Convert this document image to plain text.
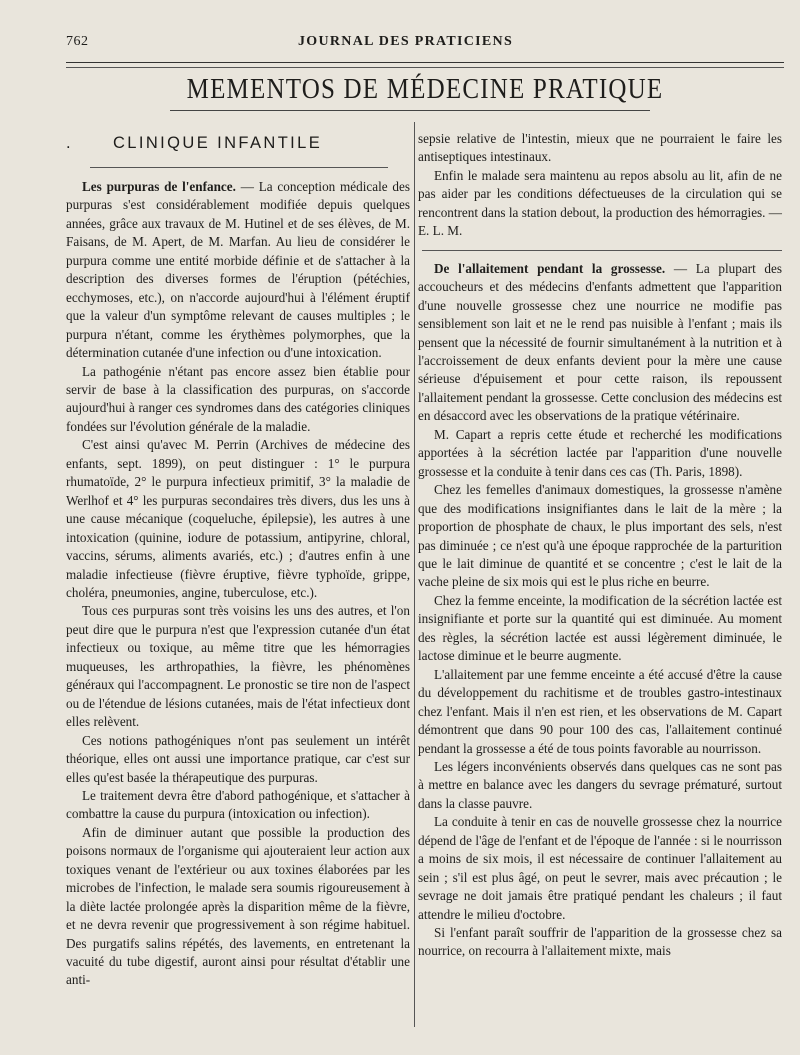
762	JOURNAL DES PRATICIENS
MEMENTOS DE MÉDECINE PRATIQUE
. CLINIQUE INFANTILE

Les purpuras de l'enfance. — La conception médicale des purpuras s'est considérablement modifiée depuis quelques années, grâce aux travaux de M. Hutinel et de ses élèves, de M. Faisans, de M. Apert, de M. Marfan. Au lieu de considérer le purpura comme une entité morbide définie et de s'attacher à la description des diverses formes de l'éruption (pétéchies, ecchymoses, etc.), on n'accorde aujourd'hui à l'élément éruptif que la valeur d'un symptôme relevant de causes multiples ; le purpura n'étant, comme les érythèmes polymorphes, que la détermination cutanée d'une infection ou d'une intoxication.

La pathogénie n'étant pas encore assez bien établie pour servir de base à la classification des purpuras, on s'accorde aujourd'hui à ranger ces syndromes dans des catégories cliniques fondées sur l'évolution générale de la maladie.

C'est ainsi qu'avec M. Perrin (Archives de médecine des enfants, sept. 1899), on peut distinguer : 1° le purpura rhumatoïde, 2° le purpura infectieux primitif, 3° la maladie de Werlhof et 4° les purpuras secondaires très divers, dus les uns à une cause mécanique (coqueluche, épilepsie), les autres à une intoxication (quinine, iodure de potassium, antipyrine, chloral, vaccins, sérums, aliments avariés, etc.) ; d'autres enfin à une maladie infectieuse (fièvre éruptive, fièvre typhoïde, grippe, choléra, pneumonies, angine, tuberculose, etc.).

Tous ces purpuras sont très voisins les uns des autres, et l'on peut dire que le purpura n'est que l'expression cutanée d'un état infectieux ou toxique, au même titre que les hémorragies muqueuses, les arthropathies, la fièvre, les phénomènes généraux qui l'accompagnent. Le pronostic se tire non de l'aspect ou de l'étendue de lésions cutanées, mais de l'état infectieux dont elles relèvent.

Ces notions pathogéniques n'ont pas seulement un intérêt théorique, elles ont aussi une importance pratique, car c'est sur elles qu'est basée la thérapeutique des purpuras.

Le traitement devra être d'abord pathogénique, et s'attacher à combattre la cause du purpura (intoxication ou infection).

Afin de diminuer autant que possible la production des poisons normaux de l'organisme qui ajouteraient leur action aux toxiques venant de l'extérieur ou aux toxines élaborées par les microbes de l'infection, le malade sera soumis rigoureusement à la diète lactée prolongée après la disparition même de la fièvre, et ne devra revenir que progressivement à son régime habituel. Des purgatifs salins répétés, des lavements, en entretenant la vacuité du tube digestif, auront ainsi pour résultat d'établir une anti-

sepsie relative de l'intestin, mieux que ne pourraient le faire les antiseptiques intestinaux.

Enfin le malade sera maintenu au repos absolu au lit, afin de ne pas aider par les conditions défectueuses de la circulation qui se rencontrent dans la station debout, la production des hémorragies. — E. L. M.

De l'allaitement pendant la grossesse. — La plupart des accoucheurs et des médecins d'enfants admettent que l'apparition d'une nouvelle grossesse chez une nourrice ne modifie pas sensiblement son lait et ne le rend pas nuisible à l'enfant ; mais ils pensent que la nécessité de fournir simultanément à la nutrition et à l'accroissement de deux enfants devient pour la mère une cause sérieuse d'épuisement et pour cette raison, ils repoussent l'allaitement pendant la grossesse. Cette conclusion des médecins est en désaccord avec les observations de la pratique vétérinaire.

M. Capart a repris cette étude et recherché les modifications apportées à la sécrétion lactée par l'apparition d'une nouvelle grossesse et la conduite à tenir dans ces cas (Th. Paris, 1898).

Chez les femelles d'animaux domestiques, la grossesse n'amène que des modifications insignifiantes dans le lait de la mère ; la proportion de phosphate de chaux, le plus important des sels, n'est pas diminuée ; ce n'est qu'à une époque rapprochée de la parturition que le lait diminue de quantité et se concentre ; c'est le lait de la vache pleine de six mois qui est le plus riche en beurre.

Chez la femme enceinte, la modification de la sécrétion lactée est insignifiante et porte sur la quantité qui est diminuée. Au moment des règles, la sécrétion lactée est aussi légèrement diminuée, le lactose diminue et le beurre augmente.

L'allaitement par une femme enceinte a été accusé d'être la cause du développement du rachitisme et de troubles gastro-intestinaux chez l'enfant. Mais il n'en est rien, et les observations de M. Capart démontrent que dans 90 pour 100 des cas, l'allaitement continué pendant la grossesse a été de tous points favorable au nourrisson.

Les légers inconvénients observés dans quelques cas ne sont pas à mettre en balance avec les dangers du sevrage prématuré, surtout dans la classe pauvre.

La conduite à tenir en cas de nouvelle grossesse chez la nourrice dépend de l'âge de l'enfant et de l'époque de l'année : si le nourrisson a moins de six mois, il est nécessaire de continuer l'allaitement au sein ; s'il est plus âgé, on peut le sevrer, mais avec précaution ; le sevrage ne doit jamais être pratiqué pendant les chaleurs ; il faut attendre le milieu d'octobre.

Si l'enfant paraît souffrir de l'apparition de la grossesse chez sa nourrice, on recourra à l'allaitement mixte, mais
